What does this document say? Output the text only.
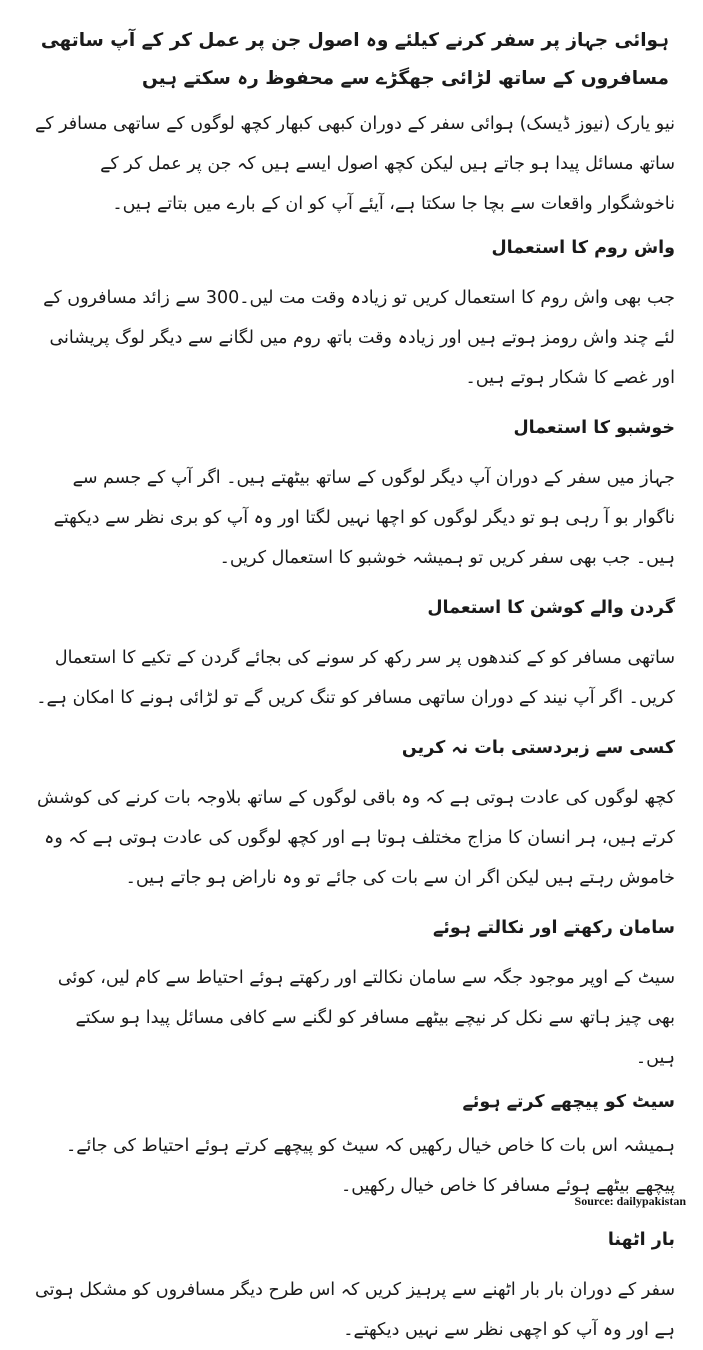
ہوائی جہاز پر سفر کرنے کیلئے وہ اصول جن پر عمل کر کے آپ ساتھی مسافروں کے ساتھ لڑائی جھگڑے سے محفوظ رہ سکتے ہیں

نیو یارک (نیوز ڈیسک) ہوائی سفر کے دوران کبھی کبھار کچھ لوگوں کے ساتھی مسافر کے ساتھ مسائل پیدا ہو جاتے ہیں لیکن کچھ اصول ایسے ہیں کہ جن پر عمل کر کے ناخوشگوار واقعات سے بچا جا سکتا ہے، آیئے آپ کو ان کے بارے میں بتاتے ہیں۔

واش روم کا استعمال

جب بھی واش روم کا استعمال کریں تو زیادہ وقت مت لیں۔300 سے زائد مسافروں کے لئے چند واش رومز ہوتے ہیں اور زیادہ وقت باتھ روم میں لگانے سے دیگر لوگ پریشانی اور غصے کا شکار ہوتے ہیں۔

خوشبو کا استعمال

جہاز میں سفر کے دوران آپ دیگر لوگوں کے ساتھ بیٹھتے ہیں۔ اگر آپ کے جسم سے ناگوار بو آ رہی ہو تو دیگر لوگوں کو اچھا نہیں لگتا اور وہ آپ کو بری نظر سے دیکھتے ہیں۔ جب بھی سفر کریں تو ہمیشہ خوشبو کا استعمال کریں۔

گردن والے کوشن کا استعمال

ساتھی مسافر کو کے کندھوں پر سر رکھ کر سونے کی بجائے گردن کے تکیے کا استعمال کریں۔ اگر آپ نیند کے دوران ساتھی مسافر کو تنگ کریں گے تو لڑائی ہونے کا امکان ہے۔

کسی سے زبردستی بات نہ کریں

کچھ لوگوں کی عادت ہوتی ہے کہ وہ باقی لوگوں کے ساتھ بلاوجہ بات کرنے کی کوشش کرتے ہیں، ہر انسان کا مزاج مختلف ہوتا ہے اور کچھ لوگوں کی عادت ہوتی ہے کہ وہ خاموش رہتے ہیں لیکن اگر ان سے بات کی جائے تو وہ ناراض ہو جاتے ہیں۔

سامان رکھتے اور نکالتے ہوئے

سیٹ کے اوپر موجود جگہ سے سامان نکالتے اور رکھتے ہوئے احتیاط سے کام لیں، کوئی بھی چیز ہاتھ سے نکل کر نیچے بیٹھے مسافر کو لگنے سے کافی مسائل پیدا ہو سکتے ہیں۔

سیٹ کو پیچھے کرتے ہوئے

ہمیشہ اس بات کا خاص خیال رکھیں کہ سیٹ کو پیچھے کرتے ہوئے احتیاط کی جائے۔ پیچھے بیٹھے ہوئے مسافر کا خاص خیال رکھیں۔

بار اٹھنا

سفر کے دوران بار بار اٹھنے سے پرہیز کریں کہ اس طرح دیگر مسافروں کو مشکل ہوتی ہے اور وہ آپ کو اچھی نظر سے نہیں دیکھتے۔

Source: dailypakistan
